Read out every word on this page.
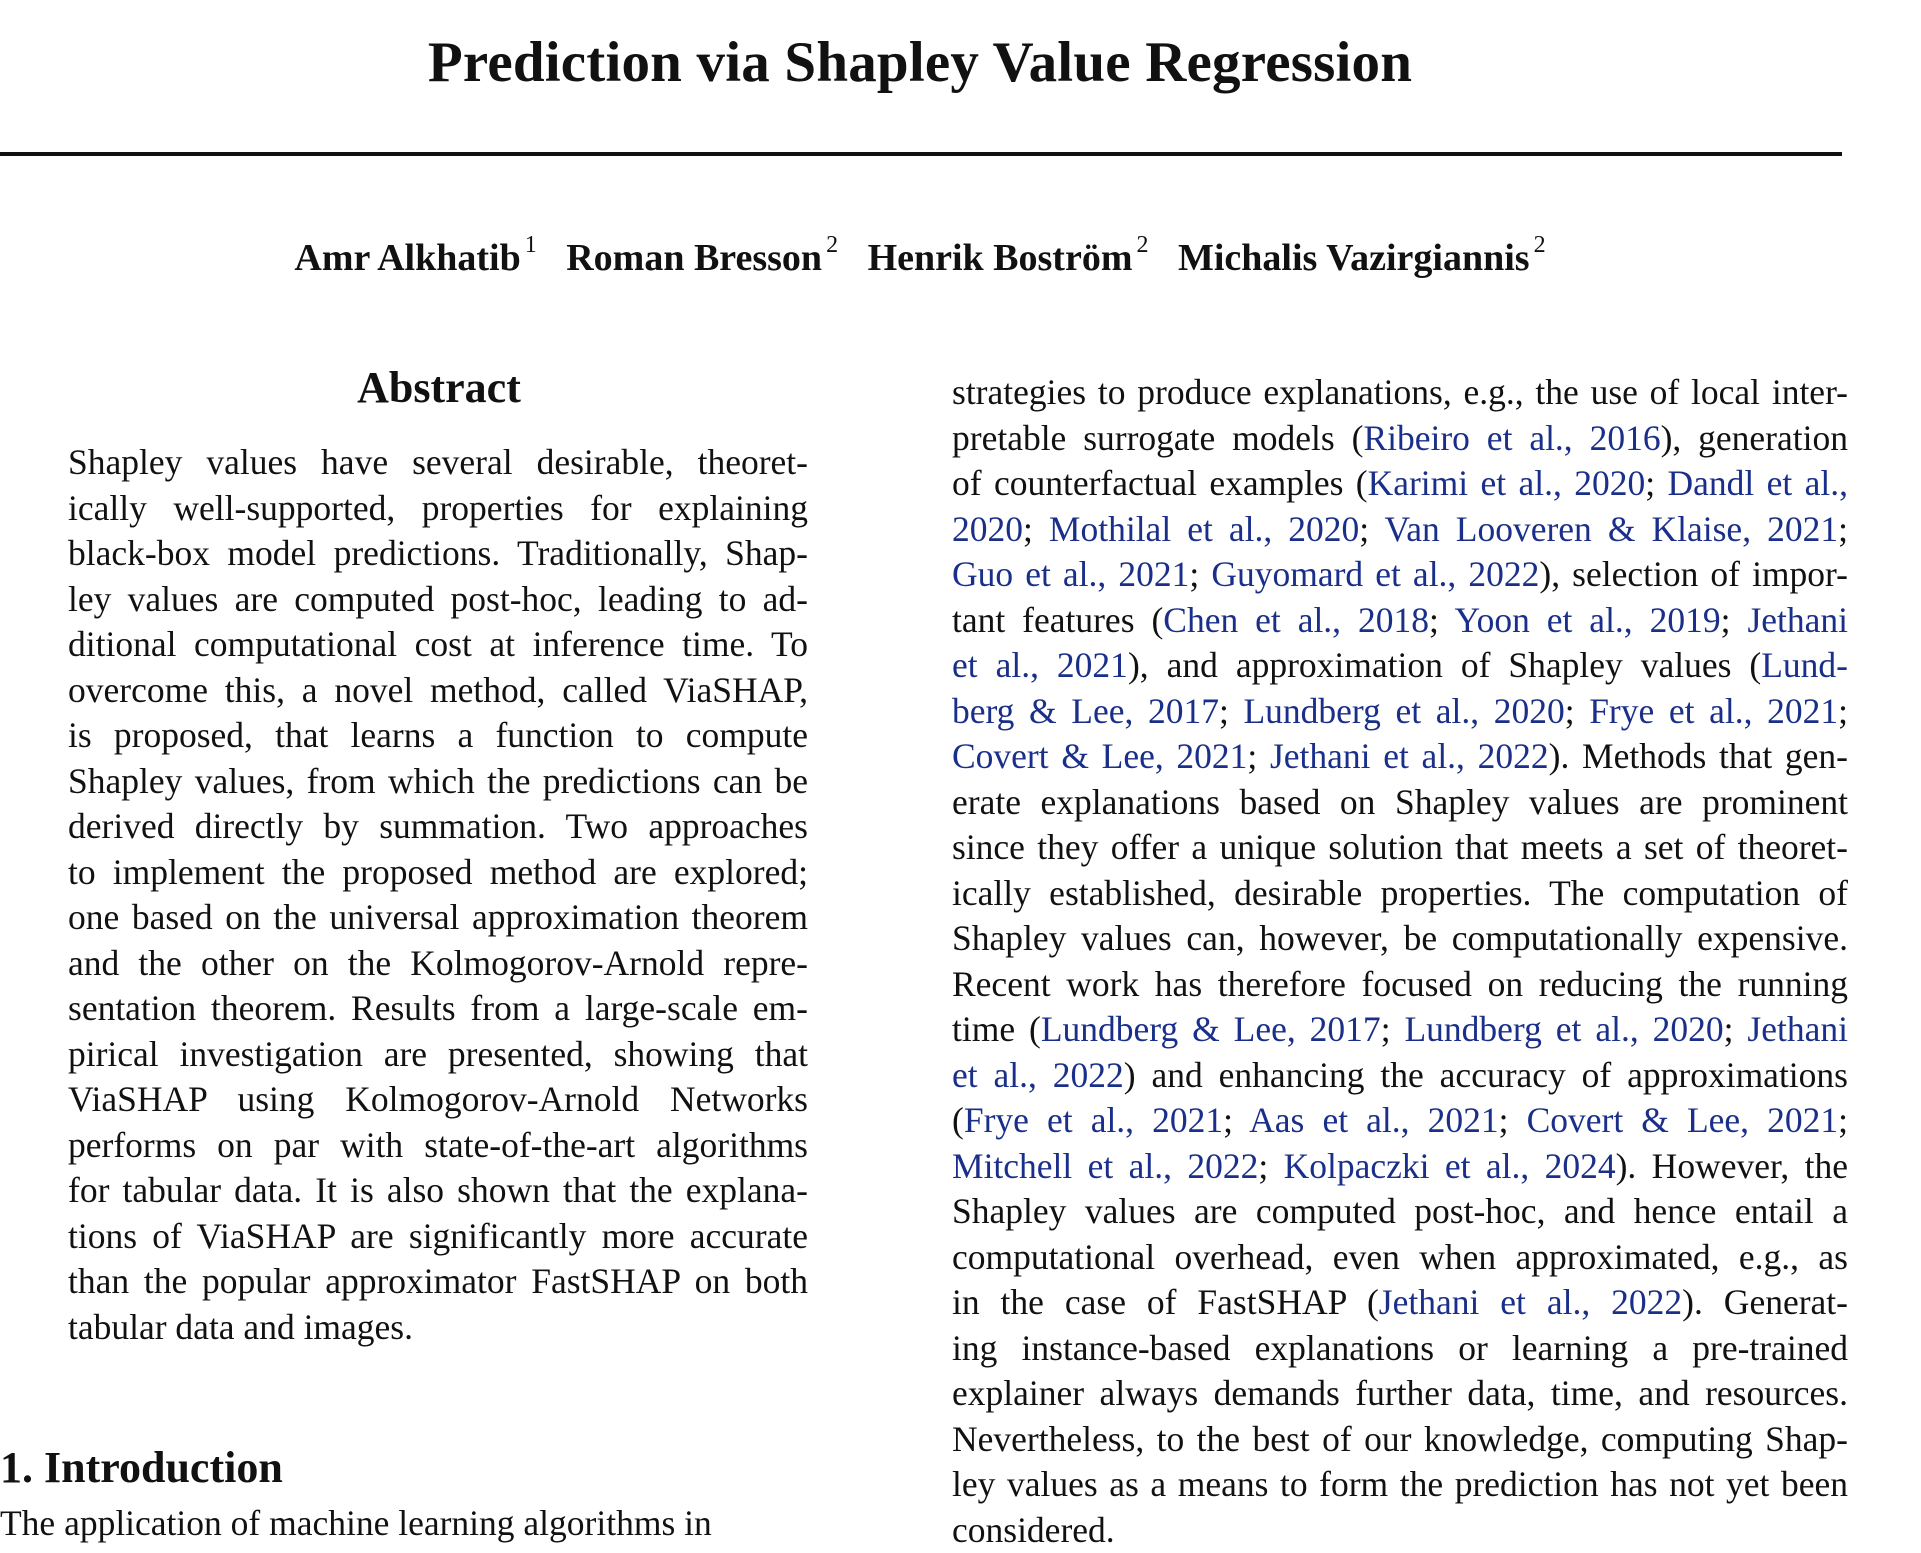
Prediction via Shapley Value Regression
Amr Alkhatib $^1$ Roman Bresson $^2$ Henrik Boström $^2$ Michalis Vazirgiannis $^2$
Abstract
Shapley values have several desirable, theoret-
ically well-supported, properties for explaining
black-box model predictions. Traditionally, Shap-
ley values are computed post-hoc, leading to ad-
ditional computational cost at inference time. To
overcome this, a novel method, called ViaSHAP,
is proposed, that learns a function to compute
Shapley values, from which the predictions can be
derived directly by summation. Two approaches
to implement the proposed method are explored;
one based on the universal approximation theorem
and the other on the Kolmogorov-Arnold repre-
sentation theorem. Results from a large-scale em-
pirical investigation are presented, showing that
ViaSHAP using Kolmogorov-Arnold Networks
performs on par with state-of-the-art algorithms
for tabular data. It is also shown that the explana-
tions of ViaSHAP are significantly more accurate
than the popular approximator FastSHAP on both
tabular data and images.
1. Introduction
The application of machine learning algorithms in
strategies to produce explanations, e.g., the use of local inter-
pretable surrogate models (Ribeiro et al., 2016), generation
of counterfactual examples (Karimi et al., 2020; Dandl et al.,
2020; Mothilal et al., 2020; Van Looveren & Klaise, 2021;
Guo et al., 2021; Guyomard et al., 2022), selection of impor-
tant features (Chen et al., 2018; Yoon et al., 2019; Jethani
et al., 2021), and approximation of Shapley values (Lund-
berg & Lee, 2017; Lundberg et al., 2020; Frye et al., 2021;
Covert & Lee, 2021; Jethani et al., 2022). Methods that gen-
erate explanations based on Shapley values are prominent
since they offer a unique solution that meets a set of theoret-
ically established, desirable properties. The computation of
Shapley values can, however, be computationally expensive.
Recent work has therefore focused on reducing the running
time (Lundberg & Lee, 2017; Lundberg et al., 2020; Jethani
et al., 2022) and enhancing the accuracy of approximations
(Frye et al., 2021; Aas et al., 2021; Covert & Lee, 2021;
Mitchell et al., 2022; Kolpaczki et al., 2024). However, the
Shapley values are computed post-hoc, and hence entail a
computational overhead, even when approximated, e.g., as
in the case of FastSHAP (Jethani et al., 2022). Generat-
ing instance-based explanations or learning a pre-trained
explainer always demands further data, time, and resources.
Nevertheless, to the best of our knowledge, computing Shap-
ley values as a means to form the prediction has not yet been
considered.
